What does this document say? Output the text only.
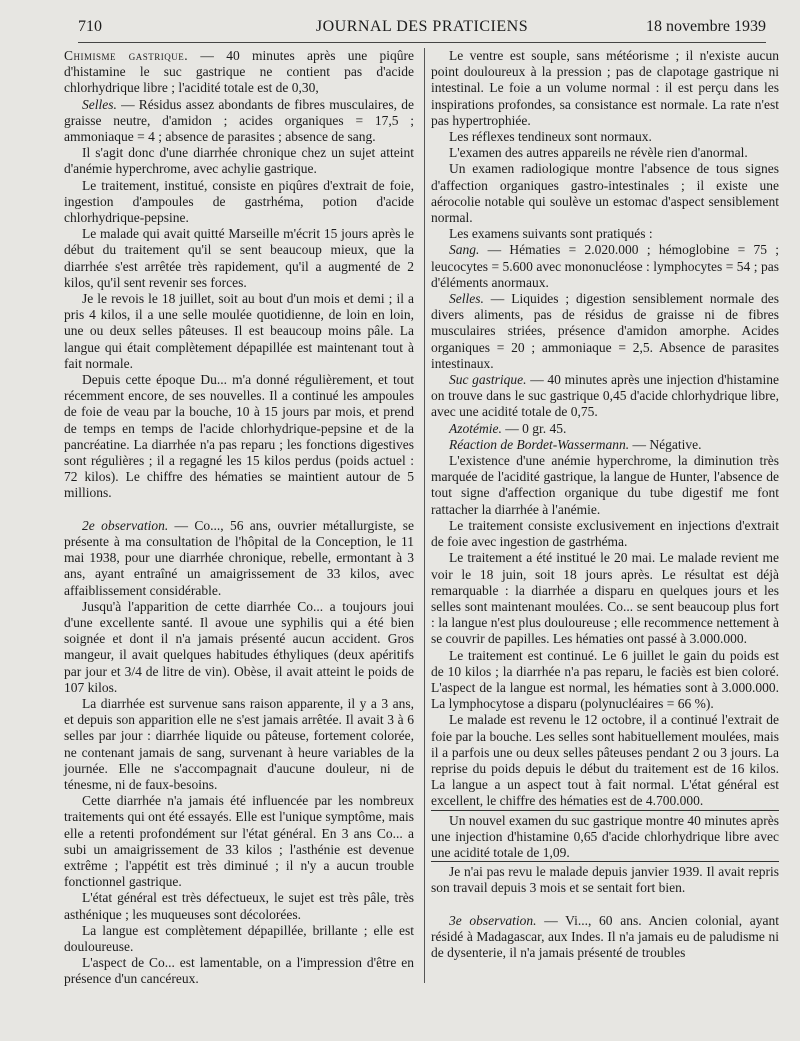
710	JOURNAL DES PRATICIENS	18 novembre 1939

Chimisme gastrique. — 40 minutes après une piqûre d'histamine le suc gastrique ne contient pas d'acide chlorhydrique libre ; l'acidité totale est de 0,30,

Selles. — Résidus assez abondants de fibres musculaires, de graisse neutre, d'amidon ; acides organiques = 17,5 ; ammoniaque = 4 ; absence de parasites ; absence de sang.

Il s'agit donc d'une diarrhée chronique chez un sujet atteint d'anémie hyperchrome, avec achylie gastrique.

Le traitement, institué, consiste en piqûres d'extrait de foie, ingestion d'ampoules de gastrhéma, potion d'acide chlorhydrique-pepsine.

Le malade qui avait quitté Marseille m'écrit 15 jours après le début du traitement qu'il se sent beaucoup mieux, que la diarrhée s'est arrêtée très rapidement, qu'il a augmenté de 2 kilos, qu'il sent revenir ses forces.

Je le revois le 18 juillet, soit au bout d'un mois et demi ; il a pris 4 kilos, il a une selle moulée quotidienne, de loin en loin, une ou deux selles pâteuses. Il est beaucoup moins pâle. La langue qui était complètement dépapillée est maintenant tout à fait normale.

Depuis cette époque Du... m'a donné régulièrement, et tout récemment encore, de ses nouvelles. Il a continué les ampoules de foie de veau par la bouche, 10 à 15 jours par mois, et prend de temps en temps de l'acide chlorhydrique-pepsine et de la pancréatine. La diarrhée n'a pas reparu ; les fonctions digestives sont régulières ; il a regagné les 15 kilos perdus (poids actuel : 72 kilos). Le chiffre des hématies se maintient autour de 5 millions.

2e observation. — Co..., 56 ans, ouvrier métallurgiste, se présente à ma consultation de l'hôpital de la Conception, le 11 mai 1938, pour une diarrhée chronique, rebelle, ermontant à 3 ans, ayant entraîné un amaigrissement de 33 kilos, avec affaiblissement considérable.

Jusqu'à l'apparition de cette diarrhée Co... a toujours joui d'une excellente santé. Il avoue une syphilis qui a été bien soignée et dont il n'a jamais présenté aucun accident. Gros mangeur, il avait quelques habitudes éthyliques (deux apéritifs par jour et 3/4 de litre de vin). Obèse, il avait atteint le poids de 107 kilos.

La diarrhée est survenue sans raison apparente, il y a 3 ans, et depuis son apparition elle ne s'est jamais arrêtée. Il avait 3 à 6 selles par jour : diarrhée liquide ou pâteuse, fortement colorée, ne contenant jamais de sang, survenant à heure variables de la journée. Elle ne s'accompagnait d'aucune douleur, ni de ténesme, ni de faux-besoins.

Cette diarrhée n'a jamais été influencée par les nombreux traitements qui ont été essayés. Elle est l'unique symptôme, mais elle a retenti profondément sur l'état général. En 3 ans Co... a subi un amaigrissement de 33 kilos ; l'asthénie est devenue extrême ; l'appétit est très diminué ; il n'y a aucun trouble fonctionnel gastrique.

L'état général est très défectueux, le sujet est très pâle, très asthénique ; les muqueuses sont décolorées.

La langue est complètement dépapillée, brillante ; elle est douloureuse.

L'aspect de Co... est lamentable, on a l'impression d'être en présence d'un cancéreux.

Le ventre est souple, sans météorisme ; il n'existe aucun point douloureux à la pression ; pas de clapotage gastrique ni intestinal. Le foie a un volume normal : il est perçu dans les inspirations profondes, sa consistance est normale. La rate n'est pas hypertrophiée.

Les réflexes tendineux sont normaux.

L'examen des autres appareils ne révèle rien d'anormal.

Un examen radiologique montre l'absence de tous signes d'affection organiques gastro-intestinales ; il existe une aérocolie notable qui soulève un estomac d'aspect sensiblement normal.

Les examens suivants sont pratiqués :

Sang. — Hématies = 2.020.000 ; hémoglobine = 75 ; leucocytes = 5.600 avec mononucléose : lymphocytes = 54 ; pas d'éléments anormaux.

Selles. — Liquides ; digestion sensiblement normale des divers aliments, pas de résidus de graisse ni de fibres musculaires striées, présence d'amidon amorphe. Acides organiques = 20 ; ammoniaque = 2,5. Absence de parasites intestinaux.

Suc gastrique. — 40 minutes après une injection d'histamine on trouve dans le suc gastrique 0,45 d'acide chlorhydrique libre, avec une acidité totale de 0,75.

Azotémie. — 0 gr. 45.

Réaction de Bordet-Wassermann. — Négative.

L'existence d'une anémie hyperchrome, la diminution très marquée de l'acidité gastrique, la langue de Hunter, l'absence de tout signe d'affection organique du tube digestif me font rattacher la diarrhée à l'anémie.

Le traitement consiste exclusivement en injections d'extrait de foie avec ingestion de gastrhéma.

Le traitement a été institué le 20 mai. Le malade revient me voir le 18 juin, soit 18 jours après. Le résultat est déjà remarquable : la diarrhée a disparu en quelques jours et les selles sont maintenant moulées. Co... se sent beaucoup plus fort : la langue n'est plus douloureuse ; elle recommence nettement à se couvrir de papilles. Les hématies ont passé à 3.000.000.

Le traitement est continué. Le 6 juillet le gain du poids est de 10 kilos ; la diarrhée n'a pas reparu, le faciès est bien coloré. L'aspect de la langue est normal, les hématies sont à 3.000.000. La lymphocytose a disparu (polynucléaires = 66 %).

Le malade est revenu le 12 octobre, il a continué l'extrait de foie par la bouche. Les selles sont habituellement moulées, mais il a parfois une ou deux selles pâteuses pendant 2 ou 3 jours. La reprise du poids depuis le début du traitement est de 16 kilos. La langue a un aspect tout à fait normal. L'état général est excellent, le chiffre des hématies est de 4.700.000.

Un nouvel examen du suc gastrique montre 40 minutes après une injection d'histamine 0,65 d'acide chlorhydrique libre avec une acidité totale de 1,09.

Je n'ai pas revu le malade depuis janvier 1939. Il avait repris son travail depuis 3 mois et se sentait fort bien.

3e observation. — Vi..., 60 ans. Ancien colonial, ayant résidé à Madagascar, aux Indes. Il n'a jamais eu de paludisme ni de dysenterie, il n'a jamais présenté de troubles
